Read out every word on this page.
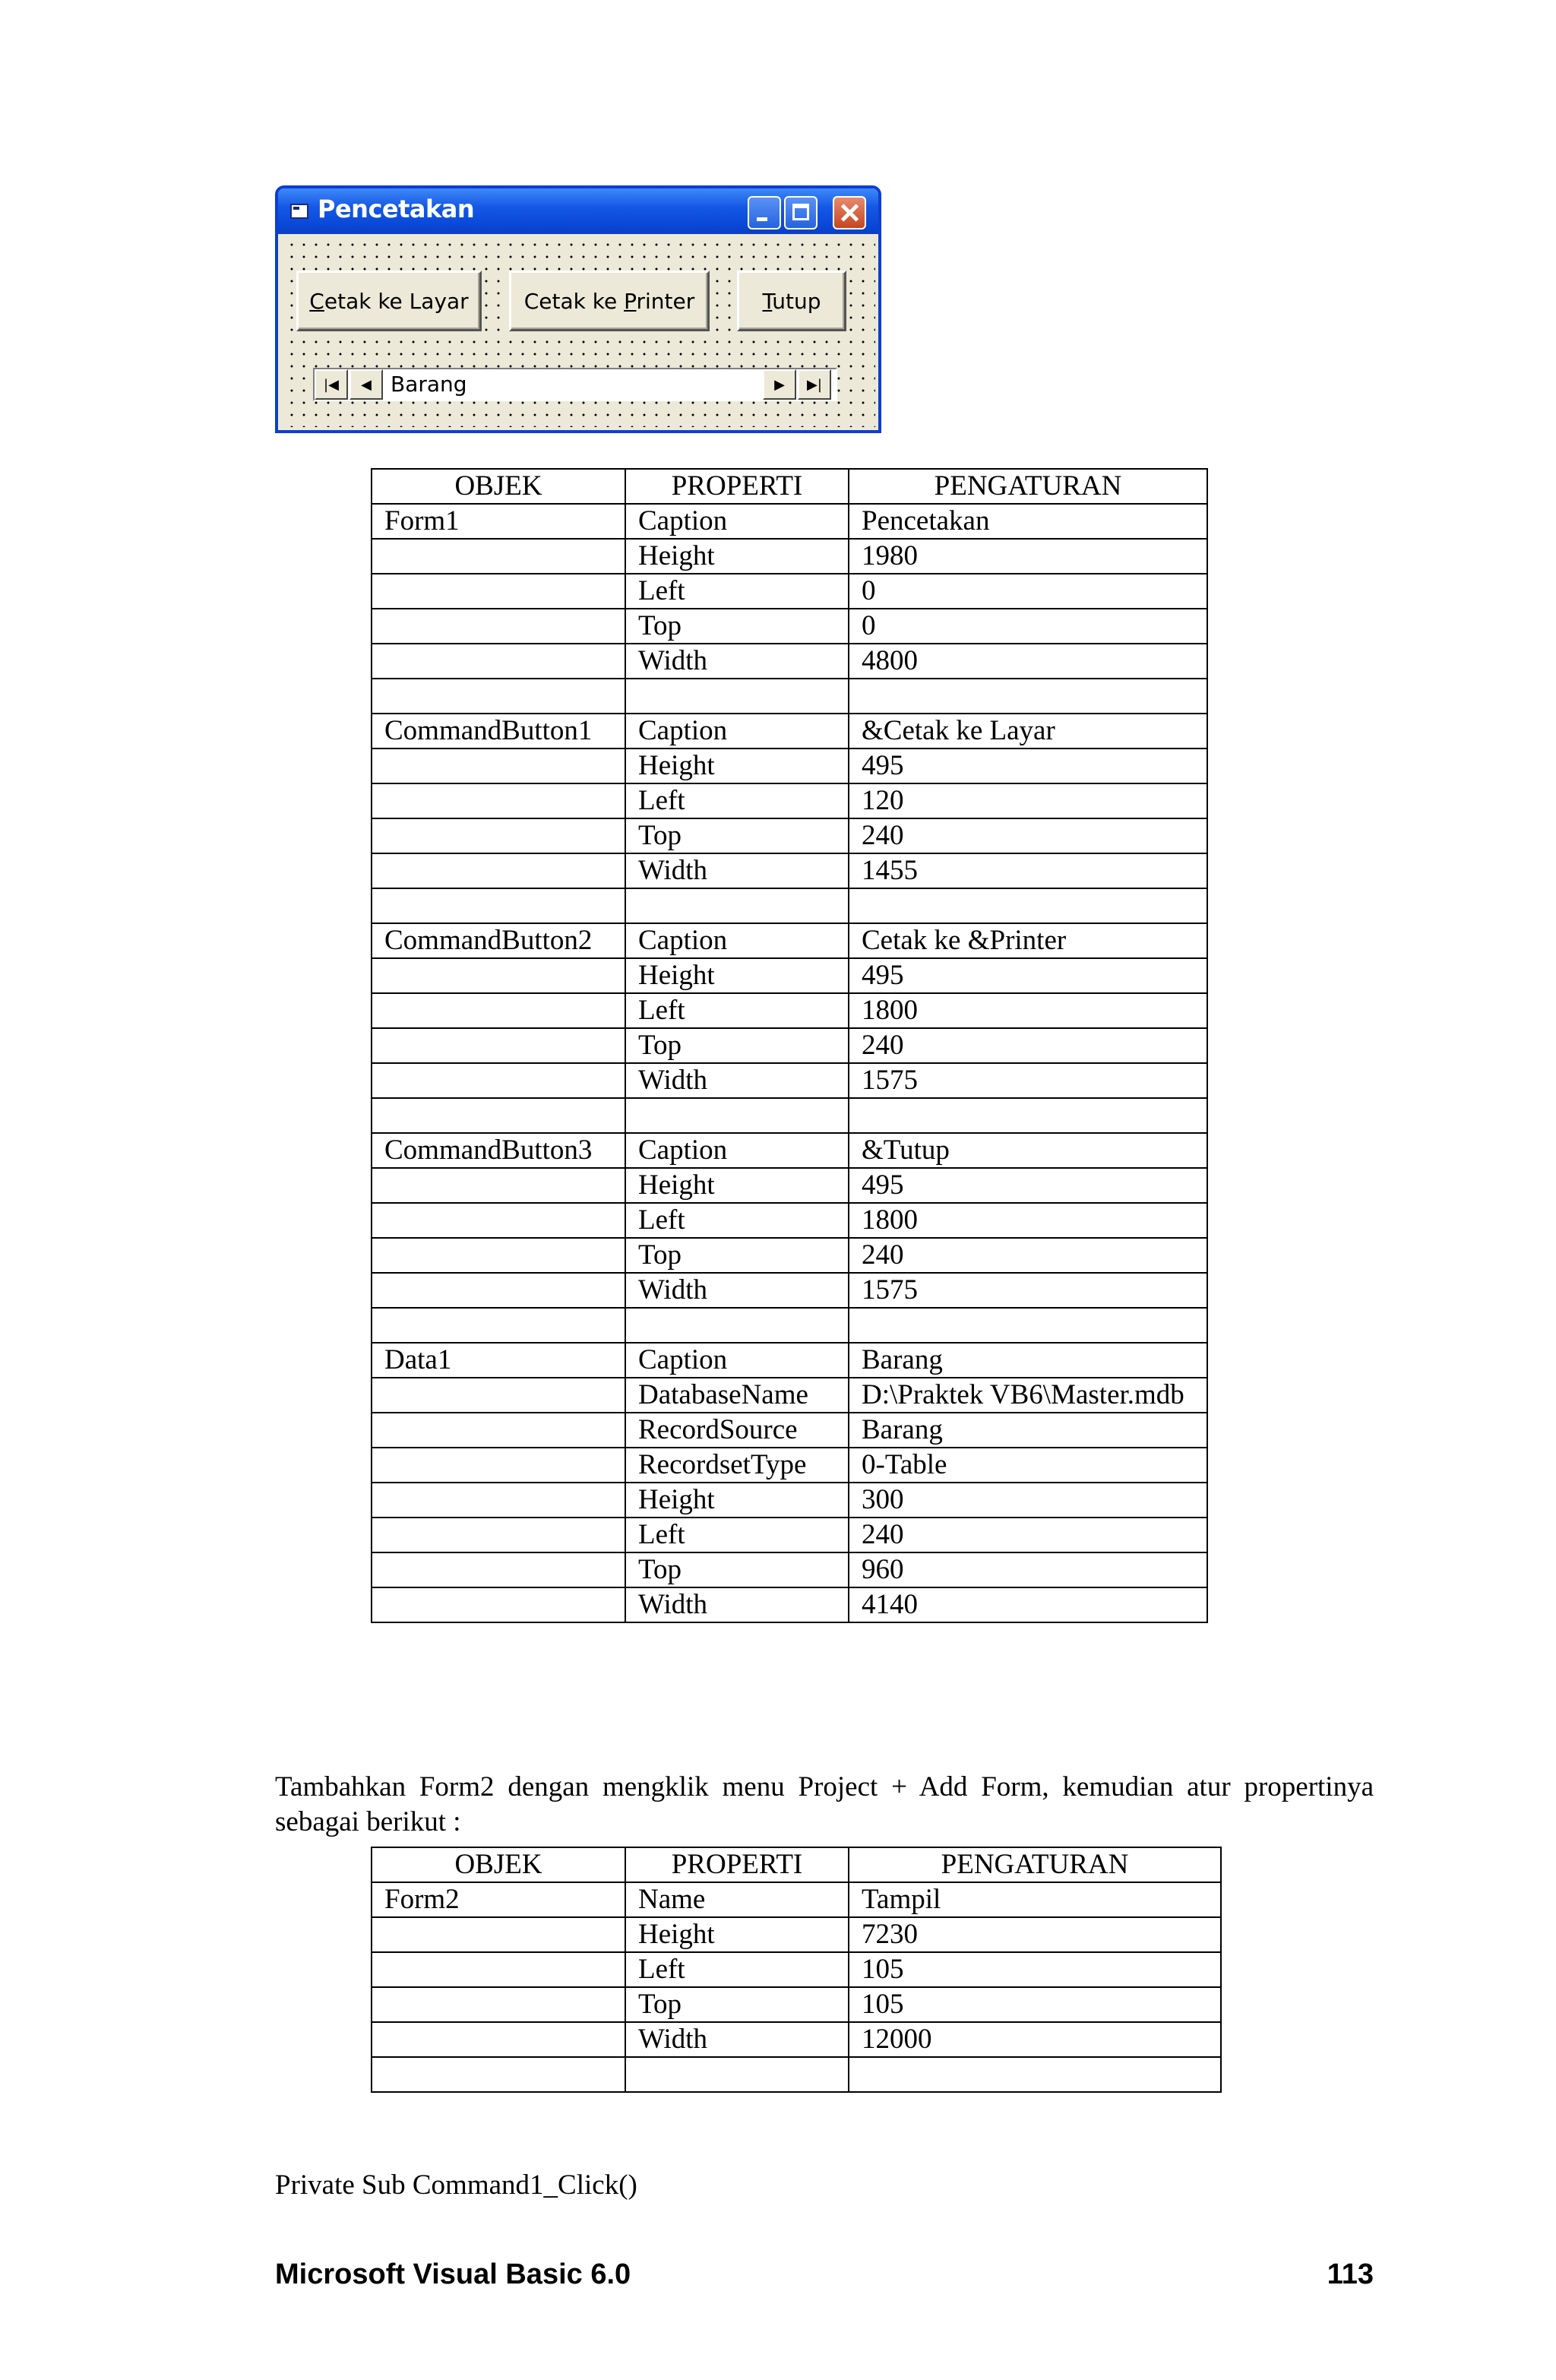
Pencetakan
Cetak ke Layar	Cetak ke Printer	Tutup
|◀	◀ Barang	▶	▶|
OBJEK	PROPERTI	PENGATURAN
Form1	Caption	Pencetakan
	Height	1980
	Left	0
	Top	0
	Width	4800

CommandButton1	Caption	&Cetak ke Layar
	Height	495
	Left	120
	Top	240
	Width	1455

CommandButton2	Caption	Cetak ke &Printer
	Height	495
	Left	1800
	Top	240
	Width	1575

CommandButton3	Caption	&Tutup
	Height	495
	Left	1800
	Top	240
	Width	1575

Data1	Caption	Barang
	DatabaseName	D:\Praktek VB6\Master.mdb
	RecordSource	Barang
	RecordsetType	0-Table
	Height	300
	Left	240
	Top	960
	Width	4140

Tambahkan Form2 dengan mengklik menu Project + Add Form, kemudian atur propertinya sebagai berikut :

OBJEK	PROPERTI	PENGATURAN
Form2	Name	Tampil
	Height	7230
	Left	105
	Top	105
	Width	12000

Private Sub Command1_Click()

Microsoft Visual Basic 6.0	113
